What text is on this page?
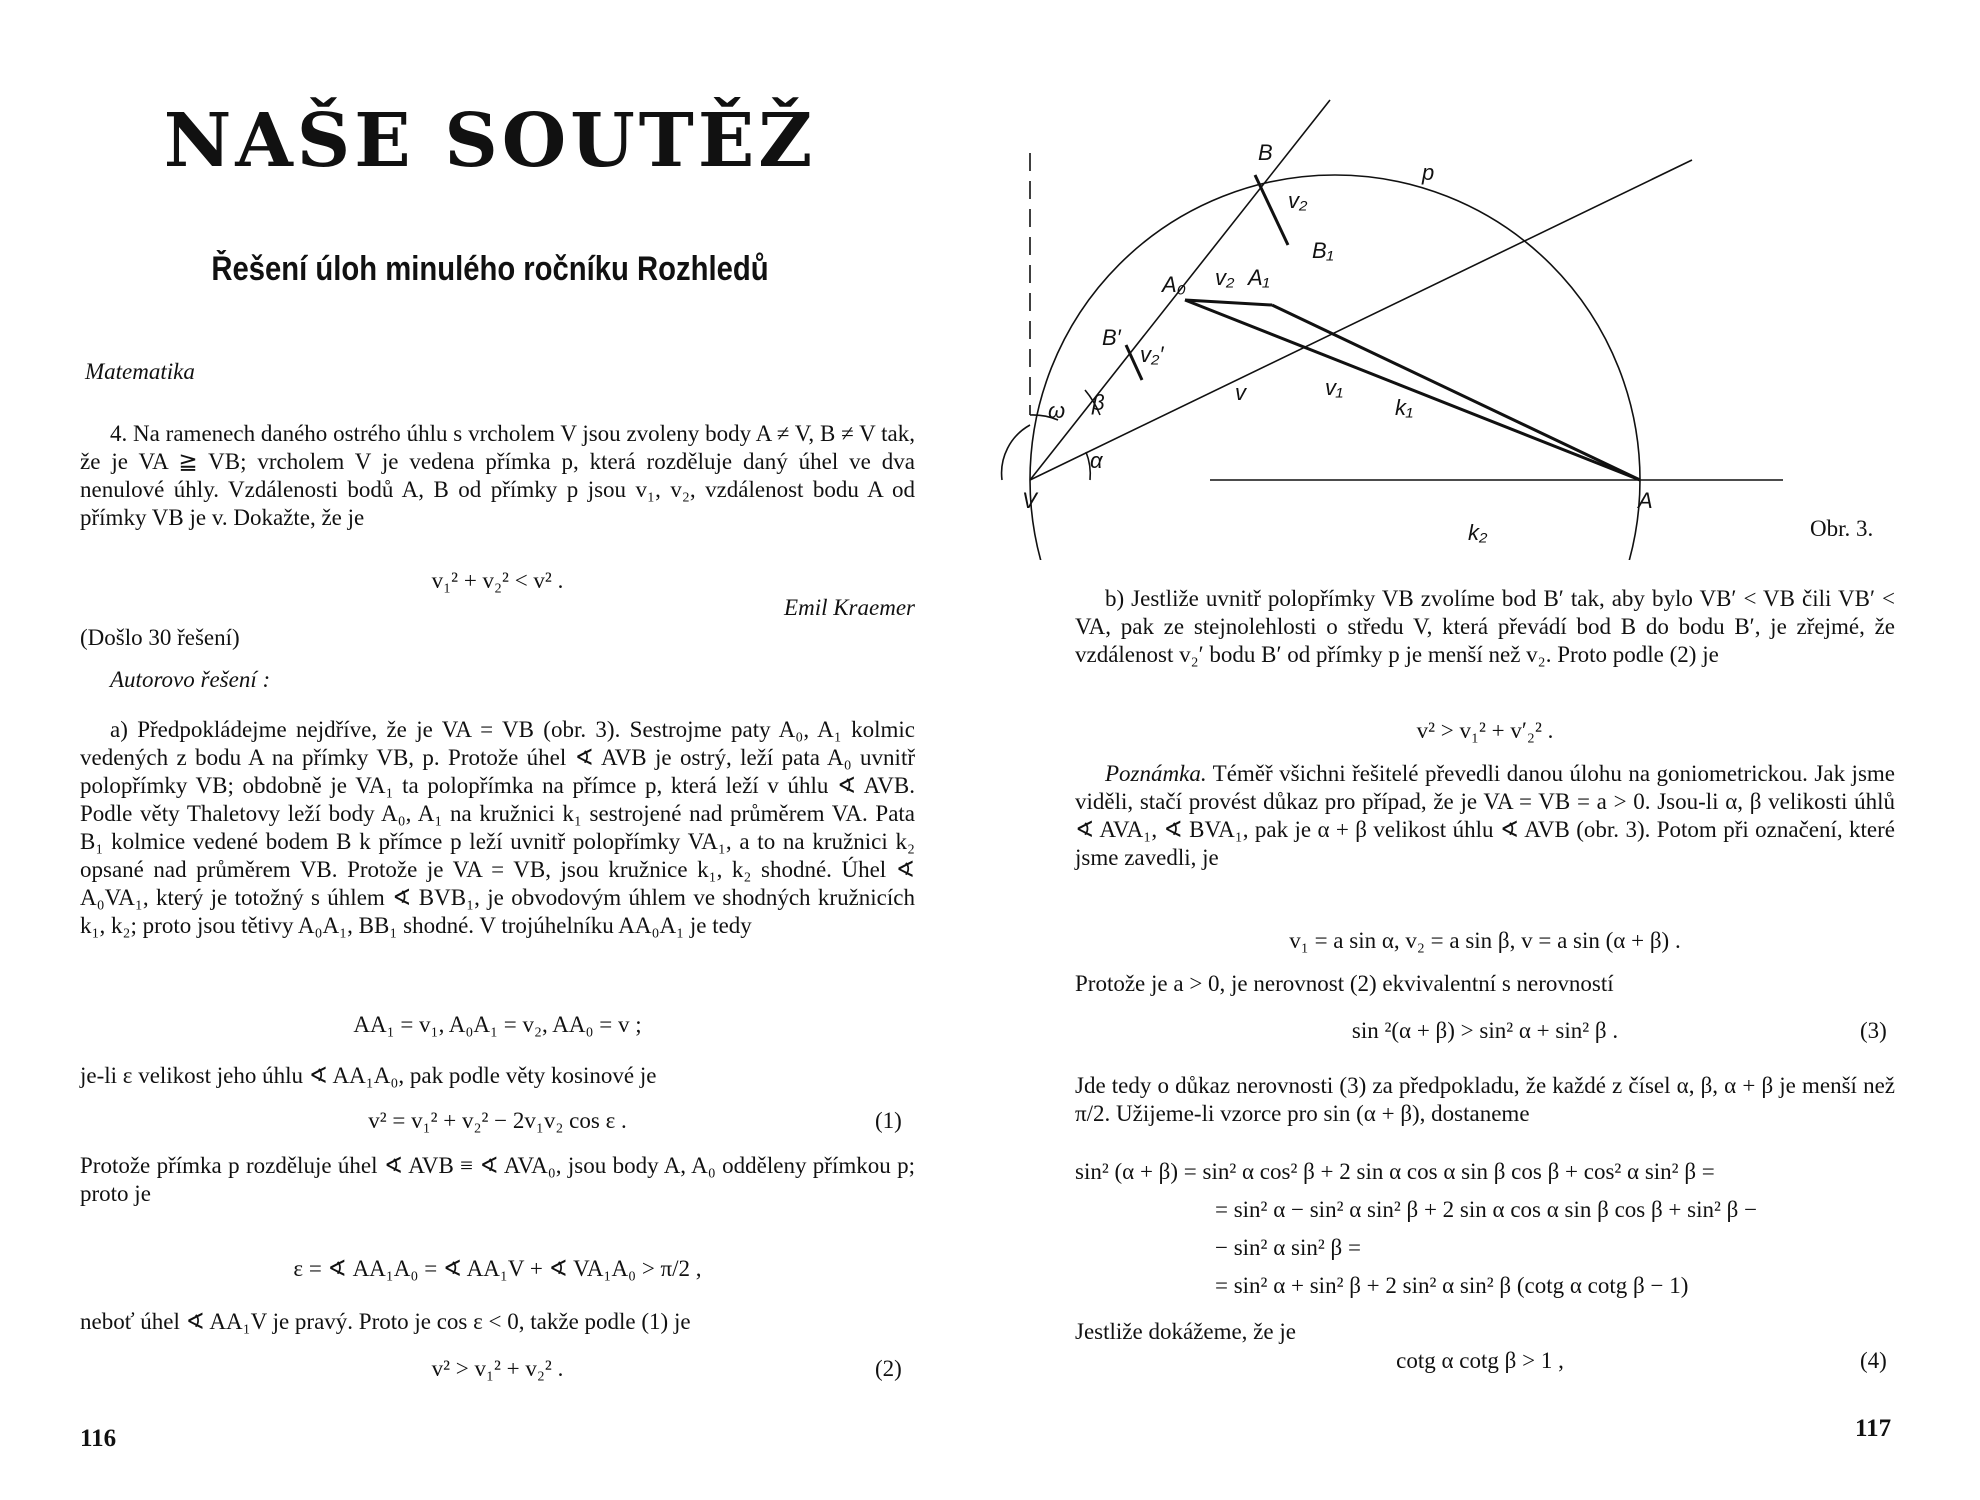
NAŠE SOUTĚŽ
Řešení úloh minulého ročníku Rozhledů
Matematika
4. Na ramenech daného ostrého úhlu s vrcholem V jsou zvoleny body A ≠ V, B ≠ V tak, že je VA ≧ VB; vrcholem V je vedena přímka p, která rozděluje daný úhel ve dva nenulové úhly. Vzdálenosti bodů A, B od přímky p jsou v₁, v₂, vzdálenost bodu A od přímky VB je v. Dokažte, že je
v₁² + v₂² < v² .
Emil Kraemer
(Došlo 30 řešení)
Autorovo řešení :
a) Předpokládejme nejdříve, že je VA = VB (obr. 3). Sestrojme paty A₀, A₁ kolmic vedených z bodu A na přímky VB, p. Protože úhel ∢ AVB je ostrý, leží pata A₀ uvnitř polopřímky VB; obdobně je VA₁ ta polopřímka na přímce p, která leží v úhlu ∢ AVB. Podle věty Thaletovy leží body A₀, A₁ na kružnici k₁ sestrojené nad průměrem VA. Pata B₁ kolmice vedené bodem B k přímce p leží uvnitř polopřímky VA₁, a to na kružnici k₂ opsané nad průměrem VB. Protože je VA = VB, jsou kružnice k₁, k₂ shodné. Úhel ∢ A₀VA₁, který je totožný s úhlem ∢ BVB₁, je obvodovým úhlem ve shodných kružnicích k₁, k₂; proto jsou tětivy A₀A₁, BB₁ shodné. V trojúhelníku AA₀A₁ je tedy
AA₁ = v₁, A₀A₁ = v₂, AA₀ = v ;
je-li ε velikost jeho úhlu ∢ AA₁A₀, pak podle věty kosinové je
v² = v₁² + v₂² − 2v₁v₂ cos ε .	(1)
Protože přímka p rozděluje úhel ∢ AVB ≡ ∢ AVA₀, jsou body A, A₀ odděleny přímkou p; proto je
ε = ∢ AA₁A₀ = ∢ AA₁V + ∢ VA₁A₀ > π/2 ,
neboť úhel ∢ AA₁V je pravý. Proto je cos ε < 0, takže podle (1) je
v² > v₁² + v₂² .	(2)
116
B
v₂
p
B₁
A₀ v₂ A₁
B′
v₂′
ω β	v	v₁
k₁
α
V	A
k₂	Obr. 3.
b) Jestliže uvnitř polopřímky VB zvolíme bod B′ tak, aby bylo VB′ < VB čili VB′ < VA, pak ze stejnolehlosti o středu V, která převádí bod B do bodu B′, je zřejmé, že vzdálenost v₂′ bodu B′ od přímky p je menší než v₂. Proto podle (2) je
v² > v₁² + v′₂² .
Poznámka. Téměř všichni řešitelé převedli danou úlohu na goniometrickou. Jak jsme viděli, stačí provést důkaz pro případ, že je VA = VB = a > 0. Jsou-li α, β velikosti úhlů ∢ AVA₁, ∢ BVA₁, pak je α + β velikost úhlu ∢ AVB (obr. 3). Potom při označení, které jsme zavedli, je
v₁ = a sin α, v₂ = a sin β, v = a sin (α + β) .
Protože je a > 0, je nerovnost (2) ekvivalentní s nerovností
sin ²(α + β) > sin² α + sin² β .	(3)
Jde tedy o důkaz nerovnosti (3) za předpokladu, že každé z čísel α, β, α + β je menší než π/2. Užijeme-li vzorce pro sin (α + β), dostaneme
sin² (α + β) = sin² α cos² β + 2 sin α cos α sin β cos β + cos² α sin² β =
= sin² α − sin² α sin² β + 2 sin α cos α sin β cos β + sin² β −
− sin² α sin² β =
= sin² α + sin² β + 2 sin² α sin² β (cotg α cotg β − 1)
Jestliže dokážeme, že je
cotg α cotg β > 1 ,	(4)
117
